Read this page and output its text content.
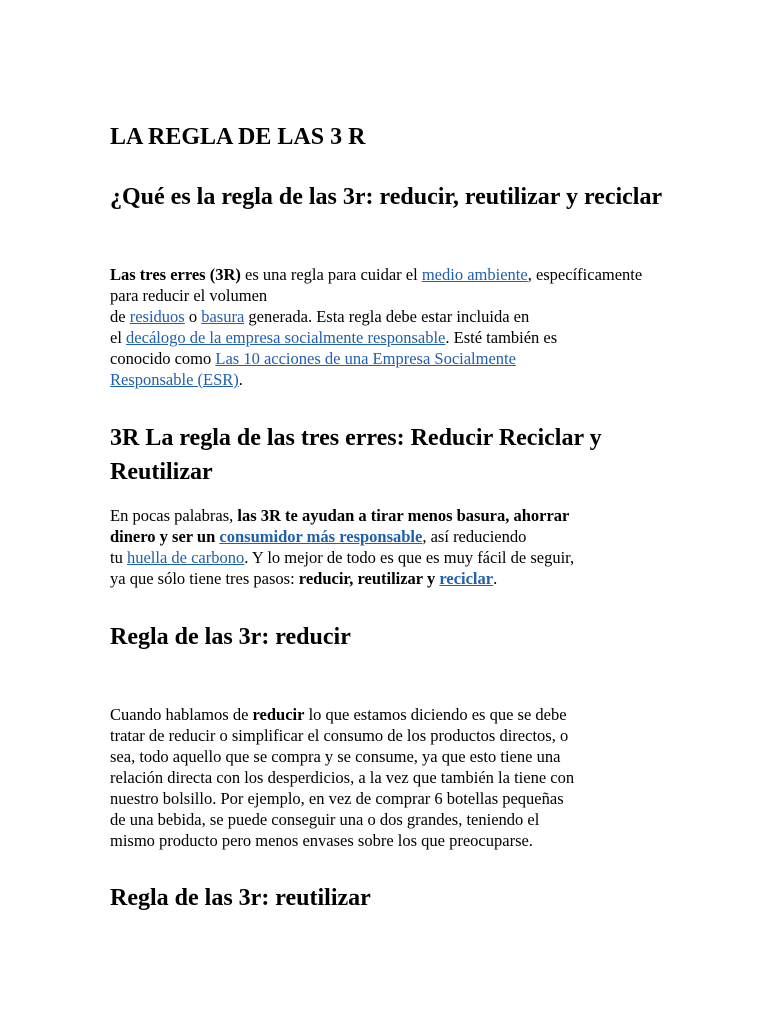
LA REGLA DE LAS 3 R
¿Qué es la regla de las 3r: reducir, reutilizar y reciclar

Las tres erres (3R) es una regla para cuidar el medio ambiente, específicamente para reducir el volumen
de residuos o basura generada. Esta regla debe estar incluida en
el decálogo de la empresa socialmente responsable. Esté también es
conocido como Las 10 acciones de una Empresa Socialmente
Responsable (ESR).

3R La regla de las tres erres: Reducir Reciclar y Reutilizar

En pocas palabras, las 3R te ayudan a tirar menos basura, ahorrar
dinero y ser un consumidor más responsable, así reduciendo
tu huella de carbono. Y lo mejor de todo es que es muy fácil de seguir,
ya que sólo tiene tres pasos: reducir, reutilizar y reciclar.

Regla de las 3r: reducir

Cuando hablamos de reducir lo que estamos diciendo es que se debe
tratar de reducir o simplificar el consumo de los productos directos, o
sea, todo aquello que se compra y se consume, ya que esto tiene una
relación directa con los desperdicios, a la vez que también la tiene con
nuestro bolsillo. Por ejemplo, en vez de comprar 6 botellas pequeñas
de una bebida, se puede conseguir una o dos grandes, teniendo el
mismo producto pero menos envases sobre los que preocuparse.

Regla de las 3r: reutilizar
